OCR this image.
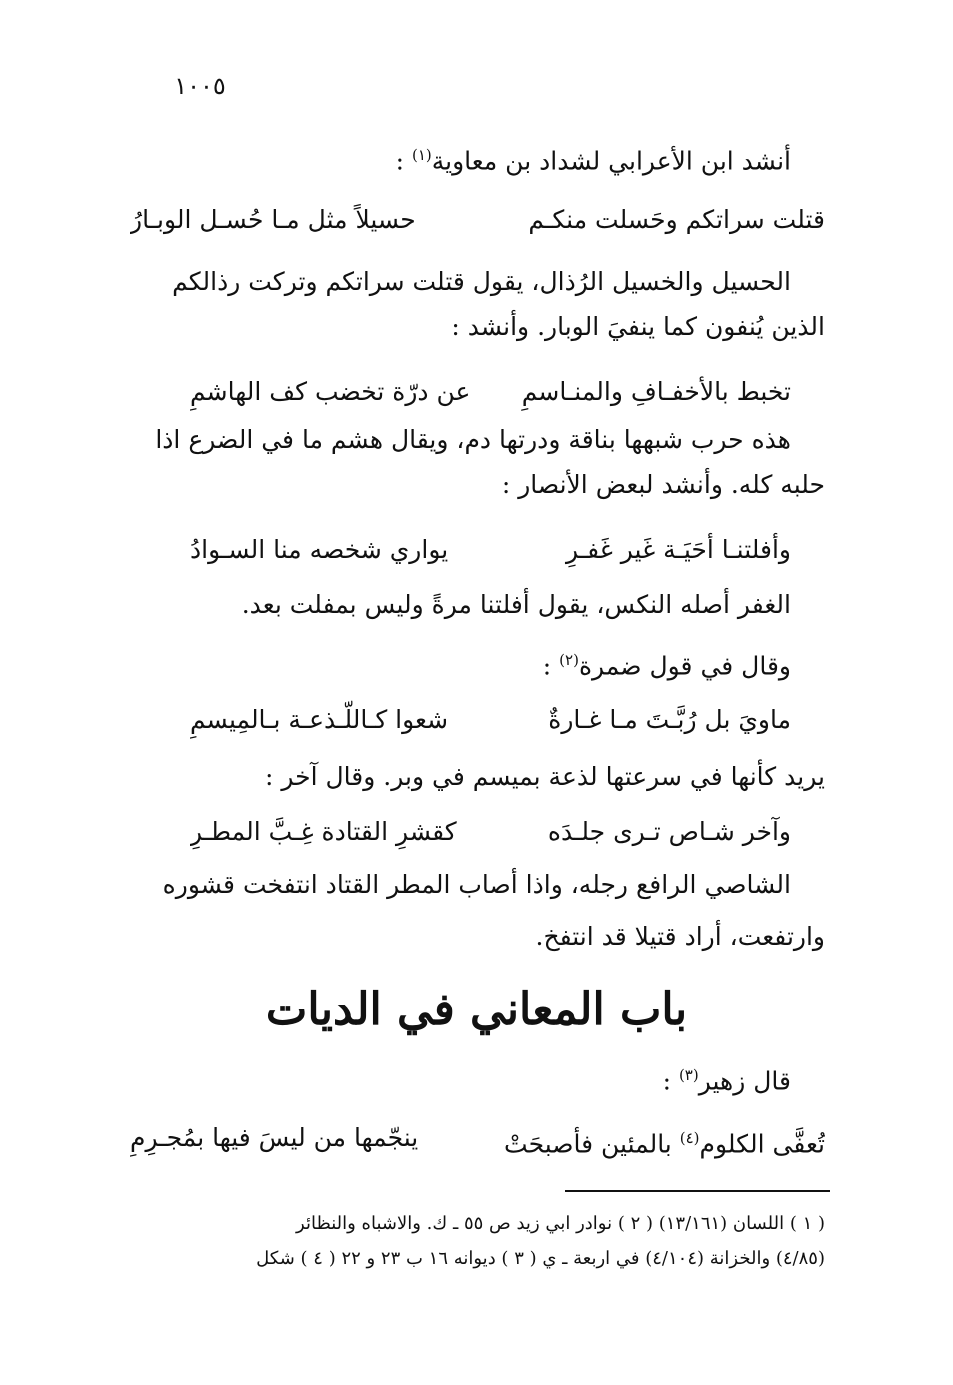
١٠٠٥
أنشد ابن الأعرابي لشداد بن معاوية$^{(١)}$ :
قتلت سراتكم وحَسلت منكـم
حسيلاً مثل مـا حُسـل الوبـارُ
الحسيل والخسيل الرُذال، يقول قتلت سراتكم وتركت رذالكم
الذين يُنفون كما ينفيَ الوبار. وأنشد :
تخبط بالأخفـافِ والمنـاسمِ
عن درّة تخضب كف الهاشمِ
هذه حرب شبهها بناقة ودرتها دم، ويقال هشم ما في الضرع اذا
حلبه كله. وأنشد لبعض الأنصار :
وأفلتنـا أحَيَـة غَير غَفـرِ
يواري شخصه منا السـوادُ
الغفر أصله النكس، يقول أفلتنا مرةً وليس بمفلت بعد.
وقال في قول ضمرة$^{(٢)}$ :
ماويَ بل رُبَّـتَ مـا غـارةٌ
شعوا كـاللّـذعـة بـالمِيسمِ
يريد كأنها في سرعتها لذعة بميسم في وبر. وقال آخر :
وآخر شـاص تـرى جلـدَه
كقشرِ القتادة غِـبَّ المطـرِ
الشاصي الرافع رجله، واذا أصاب المطر القتاد انتفخت قشوره
وارتفعت، أراد قتيلا قد انتفخ.
باب المعاني في الديات
قال زهير$^{(٣)}$ :
تُعفَّى الكلوم$^{(٤)}$ بالمئين فأصبحَتْ
ينجّمها من ليسَ فيها بمُجـرِمِ
( ١ ) اللسان (١٣/١٦١) ( ٢ ) نوادر ابي زيد ص ٥٥ ـ ك. والاشباه والنظائر
(٤/٨٥) والخزانة (٤/١٠٤) في اربعة ـ ي ( ٣ ) ديوانه ١٦ ب ٢٣ و ٢٢ ( ٤ ) شكل
